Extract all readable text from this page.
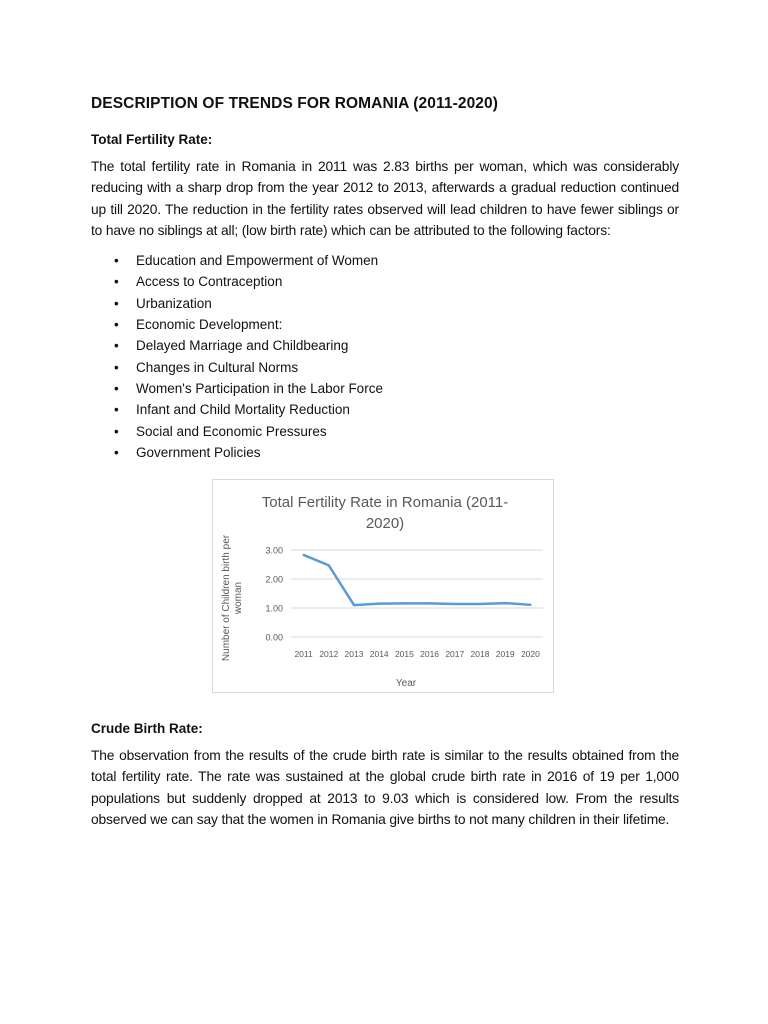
DESCRIPTION OF TRENDS FOR ROMANIA (2011-2020)

Total Fertility Rate:

The total fertility rate in Romania in 2011 was 2.83 births per woman, which was considerably reducing with a sharp drop from the year 2012 to 2013, afterwards a gradual reduction continued up till 2020. The reduction in the fertility rates observed will lead children to have fewer siblings or to have no siblings at all; (low birth rate) which can be attributed to the following factors:

• Education and Empowerment of Women
• Access to Contraception
• Urbanization
• Economic Development:
• Delayed Marriage and Childbearing
• Changes in Cultural Norms
• Women's Participation in the Labor Force
• Infant and Child Mortality Reduction
• Social and Economic Pressures
• Government Policies
Total Fertility Rate in Romania (2011-
2020)
Number of Children birth per woman
Year
0.00
1.00
2.00
3.00
2011 2012 2013 2014 2015 2016 2017 2018 2019 2020

Crude Birth Rate:

The observation from the results of the crude birth rate is similar to the results obtained from the total fertility rate. The rate was sustained at the global crude birth rate in 2016 of 19 per 1,000 populations but suddenly dropped at 2013 to 9.03 which is considered low. From the results observed we can say that the women in Romania give births to not many children in their lifetime.
